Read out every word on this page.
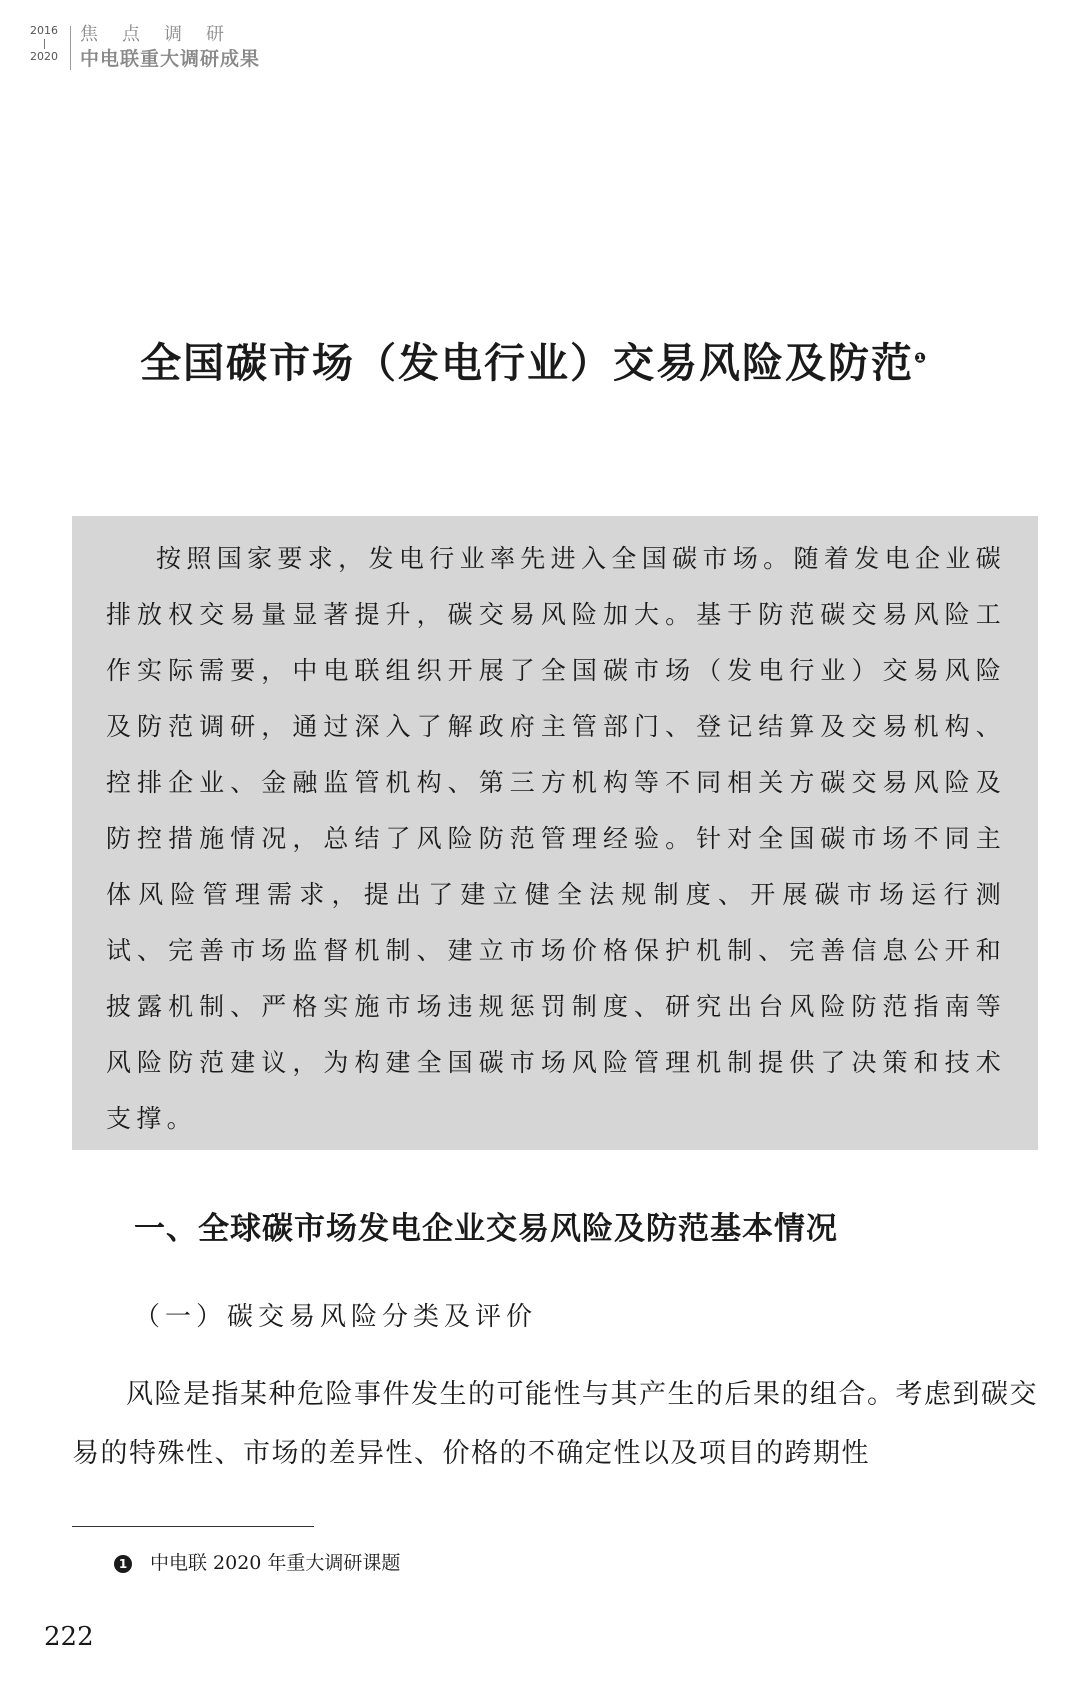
2016
2020
焦点调研
中电联重大调研成果
全国碳市场（发电行业）交易风险及防范$^❶$

按照国家要求，发电行业率先进入全国碳市场。随着发电企业碳排放权交易量显著提升，碳交易风险加大。基于防范碳交易风险工作实际需要，中电联组织开展了全国碳市场（发电行业）交易风险及防范调研，通过深入了解政府主管部门、登记结算及交易机构、控排企业、金融监管机构、第三方机构等不同相关方碳交易风险及防控措施情况，总结了风险防范管理经验。针对全国碳市场不同主体风险管理需求，提出了建立健全法规制度、开展碳市场运行测试、完善市场监督机制、建立市场价格保护机制、完善信息公开和披露机制、严格实施市场违规惩罚制度、研究出台风险防范指南等风险防范建议，为构建全国碳市场风险管理机制提供了决策和技术支撑。

一、全球碳市场发电企业交易风险及防范基本情况
（一）碳交易风险分类及评价

风险是指某种危险事件发生的可能性与其产生的后果的组合。考虑到碳交易的特殊性、市场的差异性、价格的不确定性以及项目的跨期性

1 中电联 2020 年重大调研课题
222
